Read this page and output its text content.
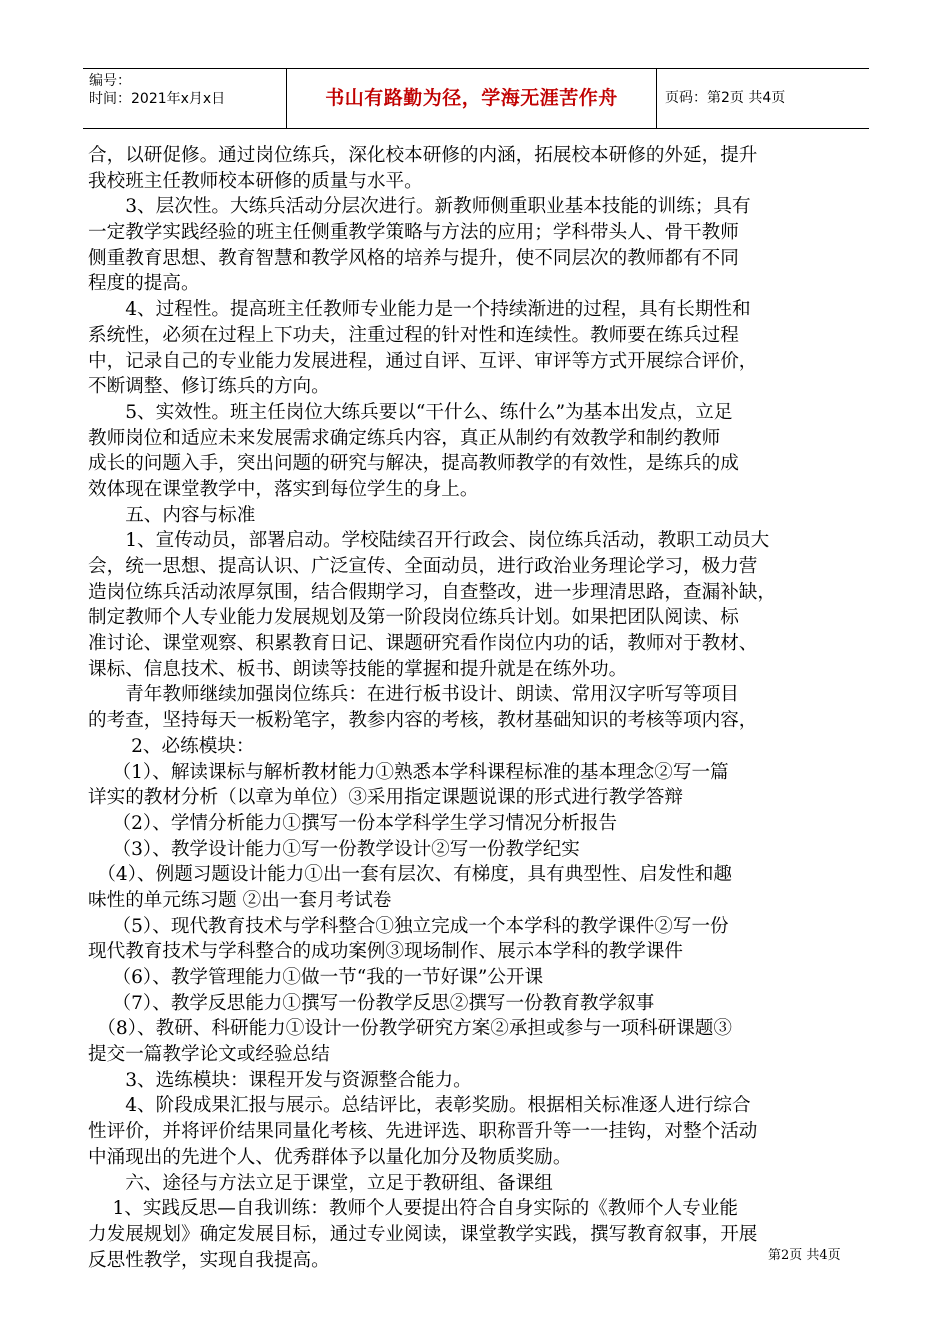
编号：
时间：2021年x月x日	书山有路勤为径，学海无涯苦作舟	页码：第2页 共4页
合，以研促修。通过岗位练兵，深化校本研修的内涵，拓展校本研修的外延，提升
我校班主任教师校本研修的质量与水平。
　　3、层次性。大练兵活动分层次进行。新教师侧重职业基本技能的训练；具有
一定教学实践经验的班主任侧重教学策略与方法的应用；学科带头人、骨干教师
侧重教育思想、教育智慧和教学风格的培养与提升，使不同层次的教师都有不同
程度的提高。
　　4、过程性。提高班主任教师专业能力是一个持续渐进的过程，具有长期性和
系统性，必须在过程上下功夫，注重过程的针对性和连续性。教师要在练兵过程
中，记录自己的专业能力发展进程，通过自评、互评、审评等方式开展综合评价，
不断调整、修订练兵的方向。
　　5、实效性。班主任岗位大练兵要以“干什么、练什么”为基本出发点，立足
教师岗位和适应未来发展需求确定练兵内容，真正从制约有效教学和制约教师
成长的问题入手，突出问题的研究与解决，提高教师教学的有效性，是练兵的成
效体现在课堂教学中，落实到每位学生的身上。
　　五、内容与标准
　　1、宣传动员，部署启动。学校陆续召开行政会、岗位练兵活动，教职工动员大
会，统一思想、提高认识、广泛宣传、全面动员，进行政治业务理论学习，极力营
造岗位练兵活动浓厚氛围，结合假期学习，自查整改，进一步理清思路，查漏补缺，
制定教师个人专业能力发展规划及第一阶段岗位练兵计划。如果把团队阅读、标
准讨论、课堂观察、积累教育日记、课题研究看作岗位内功的话，教师对于教材、
课标、信息技术、板书、朗读等技能的掌握和提升就是在练外功。
　　青年教师继续加强岗位练兵：在进行板书设计、朗读、常用汉字听写等项目
的考查，坚持每天一板粉笔字，教参内容的考核，教材基础知识的考核等项内容，
　　 2、必练模块：
　 （1）、解读课标与解析教材能力①熟悉本学科课程标准的基本理念②写一篇
详实的教材分析（以章为单位）③采用指定课题说课的形式进行教学答辩
　 （2）、学情分析能力①撰写一份本学科学生学习情况分析报告
　 （3）、教学设计能力①写一份教学设计②写一份教学纪实
　（4）、例题习题设计能力①出一套有层次、有梯度，具有典型性、启发性和趣
味性的单元练习题 ②出一套月考试卷
　 （5）、现代教育技术与学科整合①独立完成一个本学科的教学课件②写一份
现代教育技术与学科整合的成功案例③现场制作、展示本学科的教学课件
　 （6）、教学管理能力①做一节“我的一节好课”公开课
　 （7）、教学反思能力①撰写一份教学反思②撰写一份教育教学叙事
　（8）、教研、科研能力①设计一份教学研究方案②承担或参与一项科研课题③
提交一篇教学论文或经验总结
　　3、选练模块：课程开发与资源整合能力。
　　4、阶段成果汇报与展示。总结评比，表彰奖励。根据相关标准逐人进行综合
性评价，并将评价结果同量化考核、先进评选、职称晋升等一一挂钩，对整个活动
中涌现出的先进个人、优秀群体予以量化加分及物质奖励。
　　六、途径与方法立足于课堂，立足于教研组、备课组
　 1、实践反思—自我训练：教师个人要提出符合自身实际的《教师个人专业能
力发展规划》确定发展目标，通过专业阅读，课堂教学实践，撰写教育叙事，开展
反思性教学，实现自我提高。	第2页 共4页
